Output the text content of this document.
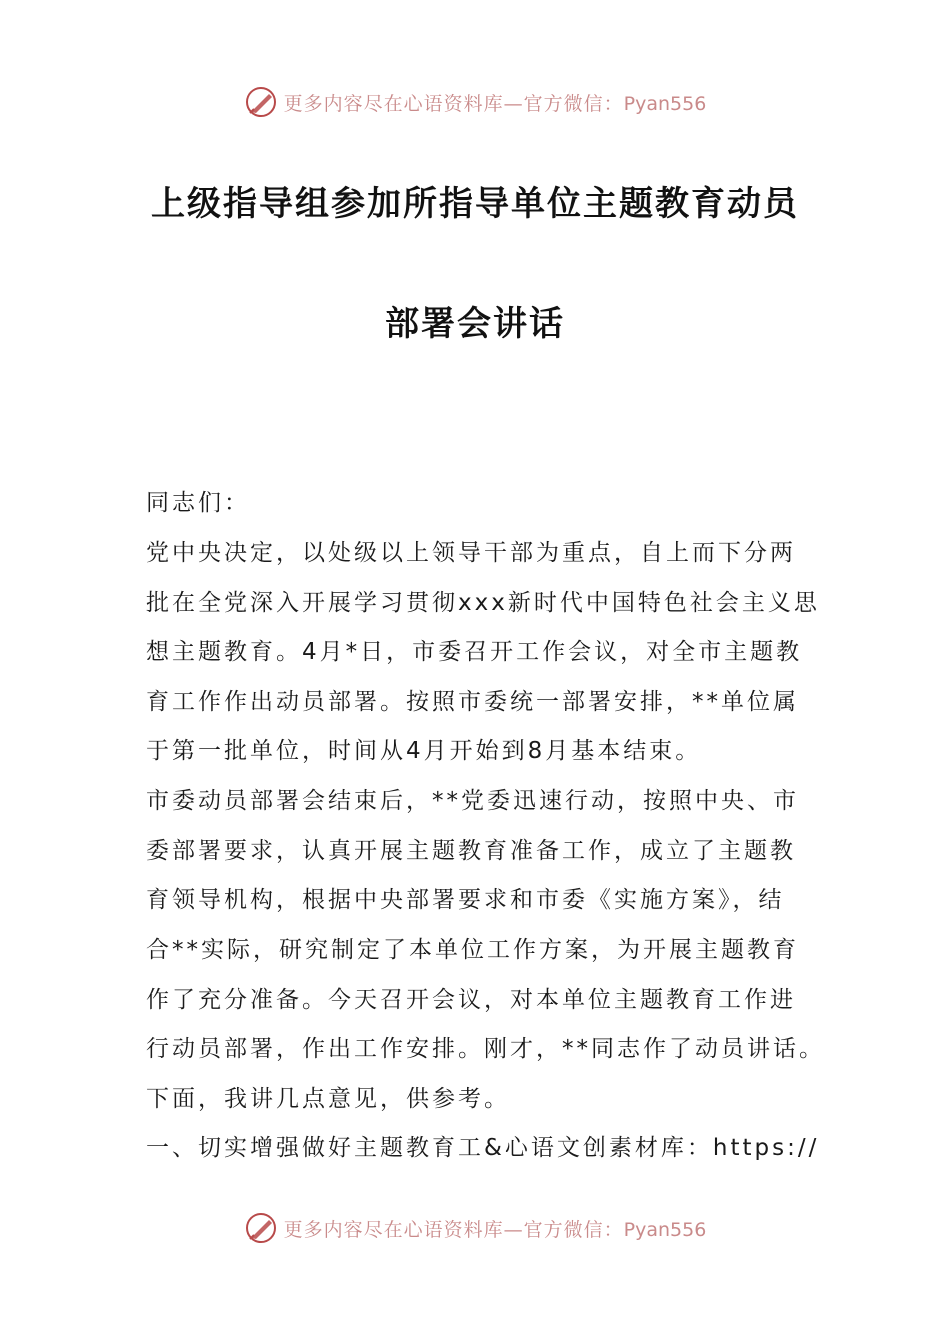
更多内容尽在心语资料库—官方微信：Pyan556
上级指导组参加所指导单位主题教育动员
部署会讲话
同志们：
党中央决定，以处级以上领导干部为重点，自上而下分两
批在全党深入开展学习贯彻xxx新时代中国特色社会主义思
想主题教育。4月*日，市委召开工作会议，对全市主题教
育工作作出动员部署。按照市委统一部署安排，**单位属
于第一批单位，时间从4月开始到8月基本结束。
市委动员部署会结束后，**党委迅速行动，按照中央、市
委部署要求，认真开展主题教育准备工作，成立了主题教
育领导机构，根据中央部署要求和市委《实施方案》，结
合**实际，研究制定了本单位工作方案，为开展主题教育
作了充分准备。今天召开会议，对本单位主题教育工作进
行动员部署，作出工作安排。刚才，**同志作了动员讲话。
下面，我讲几点意见，供参考。
一、切实增强做好主题教育工&心语文创素材库：https://
更多内容尽在心语资料库—官方微信：Pyan556
